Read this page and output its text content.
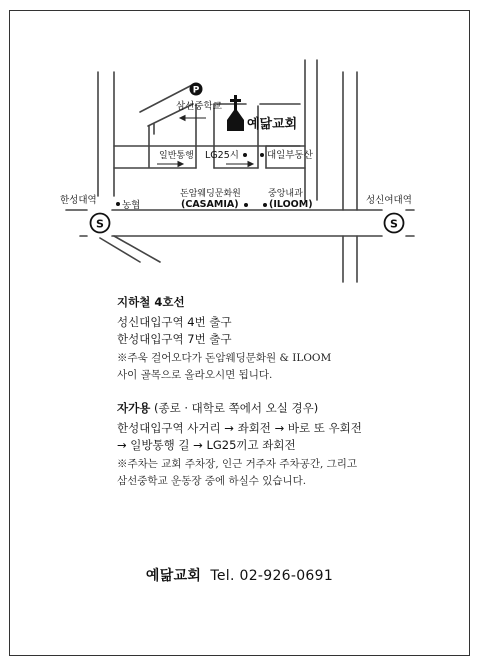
P
삼선중학교
예닮교회
일반통행 LG25시	대일부동산
돈암웨딩문화원
(CASAMIA)
중앙내과
(ILOOM)
농협
한성대역	성신여대역
S	S

지하철 4호선

성신대입구역 4번 출구

한성대입구역 7번 출구

※주욱 걸어오다가 돈암웨딩문화원 & ILOOM

사이 골목으로 올라오시면 됩니다.

자가용 (종로 · 대학로 쪽에서 오실 경우)

한성대입구역 사거리 → 좌회전 → 바로 또 우회전

→ 일방통행 길 → LG25끼고 좌회전

※주차는 교회 주차장, 인근 거주자 주차공간, 그리고

삼선중학교 운동장 중에 하실수 있습니다.

예닮교회 Tel. 02-926-0691
